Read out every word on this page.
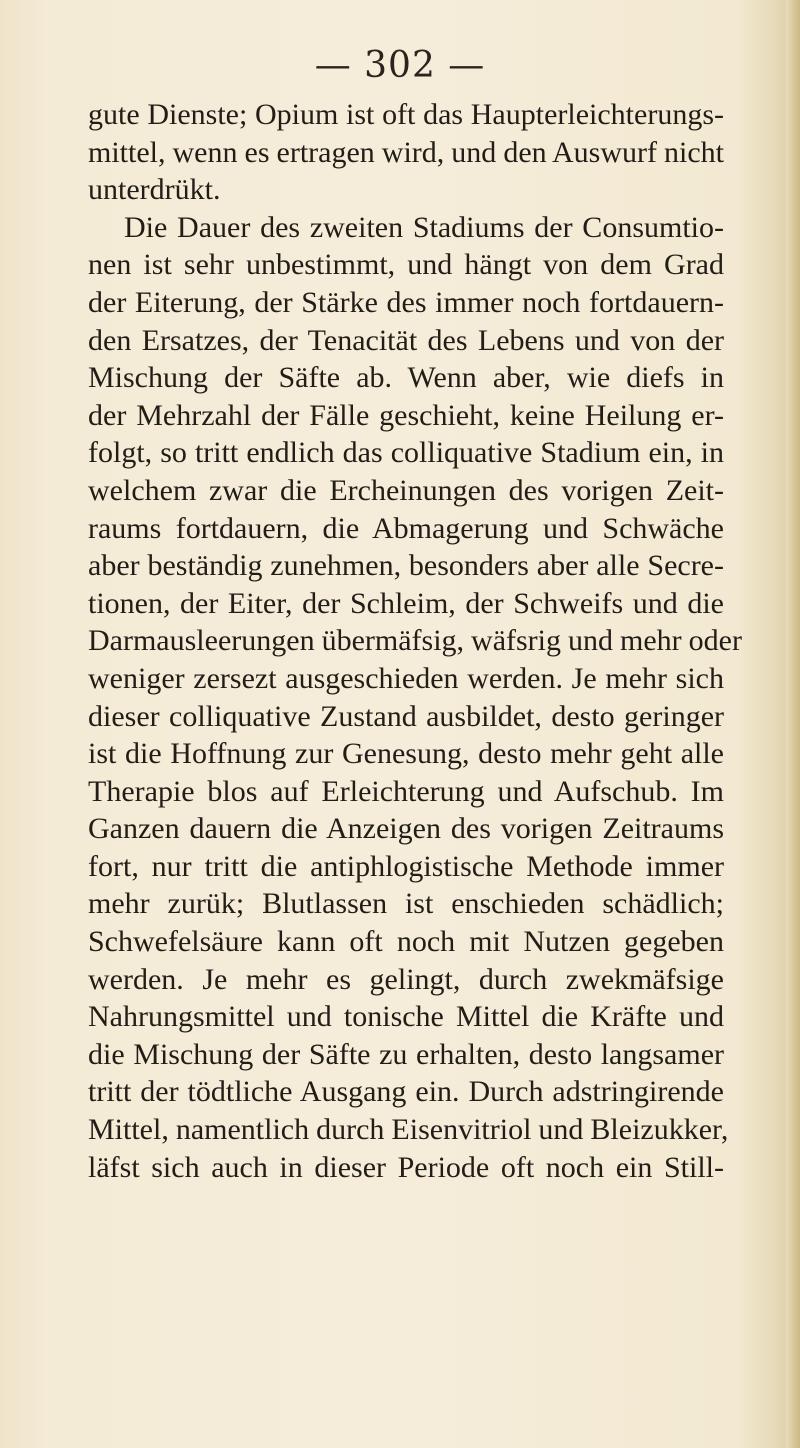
— 302 —
gute Dienste; Opium ist oft das Haupterleichterungs-
mittel, wenn es ertragen wird, und den Auswurf nicht
unterdrükt.
Die Dauer des zweiten Stadiums der Consumtio-
nen ist sehr unbestimmt, und hängt von dem Grad
der Eiterung, der Stärke des immer noch fortdauern-
den Ersatzes, der Tenacität des Lebens und von der
Mischung der Säfte ab. Wenn aber, wie diefs in
der Mehrzahl der Fälle geschieht, keine Heilung er-
folgt, so tritt endlich das colliquative Stadium ein, in
welchem zwar die Ercheinungen des vorigen Zeit-
raums fortdauern, die Abmagerung und Schwäche
aber beständig zunehmen, besonders aber alle Secre-
tionen, der Eiter, der Schleim, der Schweifs und die
Darmausleerungen übermäfsig, wäfsrig und mehr oder
weniger zersezt ausgeschieden werden. Je mehr sich
dieser colliquative Zustand ausbildet, desto geringer
ist die Hoffnung zur Genesung, desto mehr geht alle
Therapie blos auf Erleichterung und Aufschub. Im
Ganzen dauern die Anzeigen des vorigen Zeitraums
fort, nur tritt die antiphlogistische Methode immer
mehr zurük; Blutlassen ist enschieden schädlich;
Schwefelsäure kann oft noch mit Nutzen gegeben
werden. Je mehr es gelingt, durch zwekmäfsige
Nahrungsmittel und tonische Mittel die Kräfte und
die Mischung der Säfte zu erhalten, desto langsamer
tritt der tödtliche Ausgang ein. Durch adstringirende
Mittel, namentlich durch Eisenvitriol und Bleizukker,
läfst sich auch in dieser Periode oft noch ein Still-
